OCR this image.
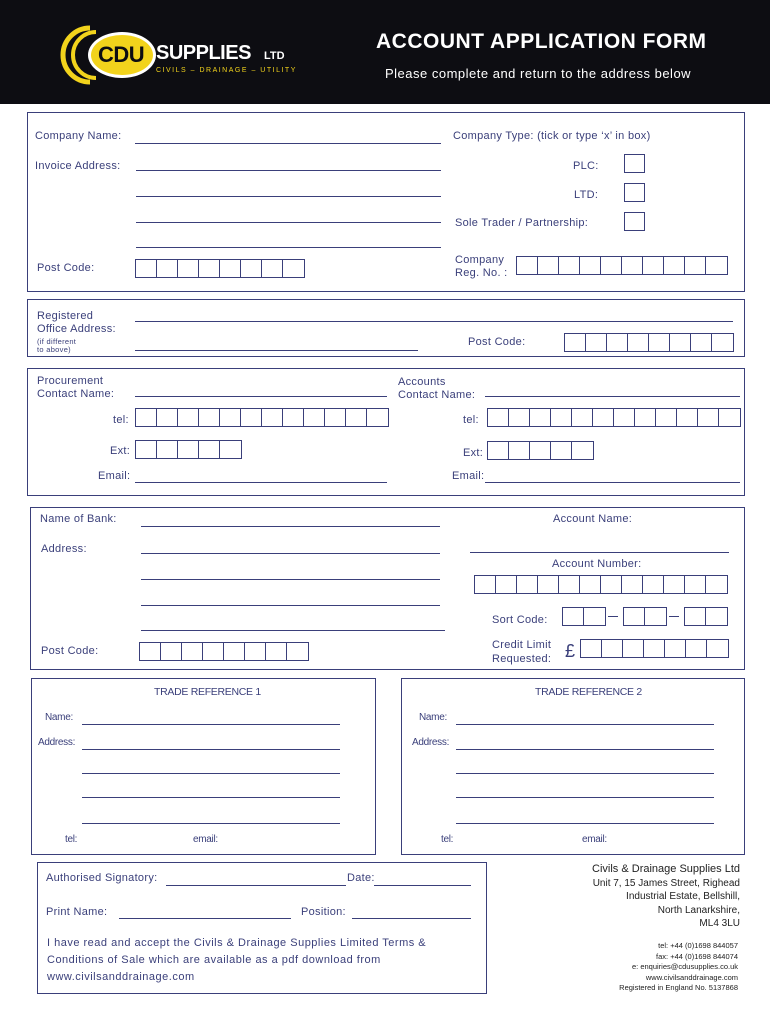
CDU SUPPLIES LTD
CIVILS – DRAINAGE – UTILITY
ACCOUNT APPLICATION FORM
Please complete and return to the address below
Company Name:
Invoice Address:
Post Code:
Company Type: (tick or type ‘x’ in box)
PLC:
LTD:
Sole Trader / Partnership:
Company
Reg. No. :
Registered
Office Address:
(if different
to above)
Post Code:
Procurement
Contact Name:
tel:
Ext:
Email:
Accounts
Contact Name:
tel:
Ext:
Email:
Name of Bank:
Address:
Post Code:
Account Name:
Account Number:
Sort Code:
Credit Limit
Requested: £
TRADE REFERENCE 1
Name:
Address:
tel:	email:
TRADE REFERENCE 2
Name:
Address:
tel:	email:
Authorised Signatory:	Date:
Print Name:	Position:
I have read and accept the Civils & Drainage Supplies Limited Terms &
Conditions of Sale which are available as a pdf download from
www.civilsanddrainage.com
Civils & Drainage Supplies Ltd
Unit 7, 15 James Street, Righead
Industrial Estate, Bellshill,
North Lanarkshire,
ML4 3LU
tel: +44 (0)1698 844057
fax: +44 (0)1698 844074
e: enquiries@cdusupplies.co.uk
www.civilsanddrainage.com
Registered in England No. 5137868
